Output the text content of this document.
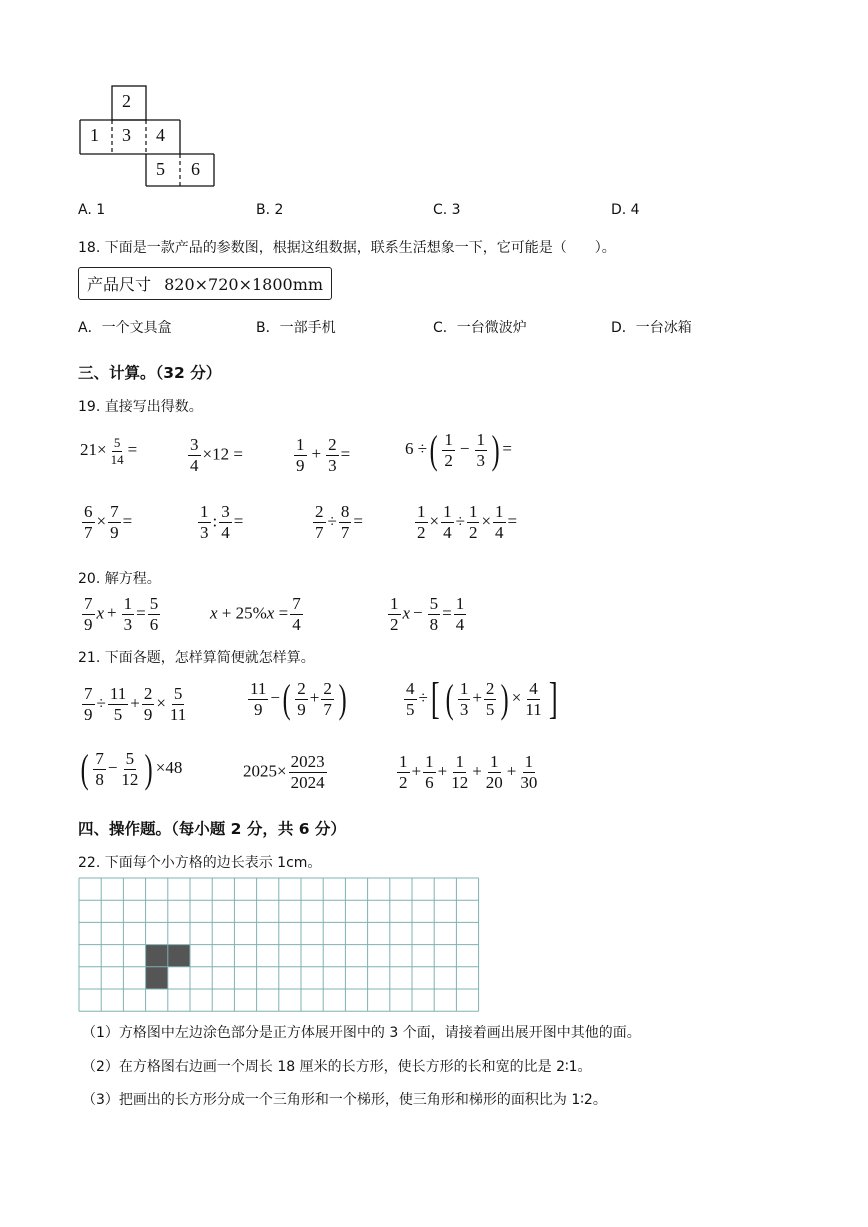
2
1 3 4
5 6
A. 1	B. 2	C. 3	D. 4
18. 下面是一款产品的参数图，根据这组数据，联系生活想象一下，它可能是（　　）。
产品尺寸 820×720×1800mm
A．一个文具盒	B．一部手机	C．一台微波炉	D．一台冰箱
三、计算。（32 分）
19. 直接写出得数。
$21\times \frac{5}{14}$ =	$\frac{3}{4} \times 12$ =	$\frac{1}{9} + \frac{2}{3}$ =	6 ÷( $\frac{1}{2} - \frac{1}{3}$ ) =
$\frac{6}{7} \times \frac{7}{9}$ =	$\frac{1}{3}$ : $\frac{3}{4}$ =	$\frac{2}{7} \div \frac{8}{7}$ =	$\frac{1}{2} \times \frac{1}{4} \div \frac{1}{2} \times \frac{1}{4}$ =
20. 解方程。
$\frac{7}{9}$ $x + \frac{1}{3} = \frac{5}{6}$	$x + 25\%x = \frac{7}{4}$	$\frac{1}{2}$ $x - \frac{5}{8} = \frac{1}{4}$
21. 下面各题，怎样算简便就怎样算。
$\frac{7}{9} \div \frac{11}{5} + \frac{2}{9} \times \frac{5}{11}$	$\frac{11}{9}$ −( $\frac{2}{9} + \frac{2}{7}$ )	$\frac{4}{5}$ ÷[ ( $\frac{1}{3} + \frac{2}{5}$ ) × $\frac{4}{11}$ ]
( $\frac{7}{8} - \frac{5}{12}$ ) ×48	$2025\times \frac{2023}{2024}$	$\frac{1}{2} + \frac{1}{6} + \frac{1}{12} + \frac{1}{20} + \frac{1}{30}$
四、操作题。（每小题 2 分，共 6 分）
22. 下面每个小方格的边长表示 1cm。
（1）方格图中左边涂色部分是正方体展开图中的 3 个面，请接着画出展开图中其他的面。
（2）在方格图右边画一个周长 18 厘米的长方形，使长方形的长和宽的比是 2∶1。
（3）把画出的长方形分成一个三角形和一个梯形，使三角形和梯形的面积比为 1∶2。
